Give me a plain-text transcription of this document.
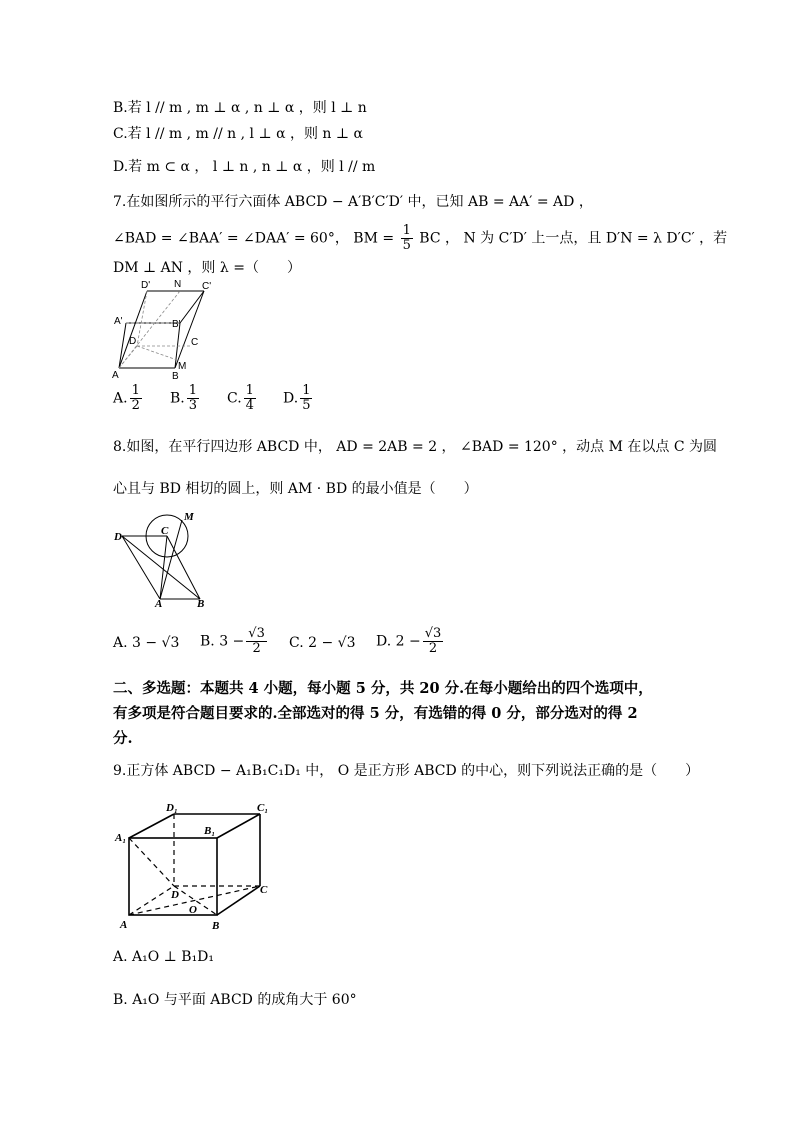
B.若 l // m , m ⊥ α , n ⊥ α ，则 l ⊥ n
C.若 l // m , m // n , l ⊥ α ，则 n ⊥ α
D.若 m ⊂ α ， l ⊥ n , n ⊥ α ，则 l // m
7.在如图所示的平行六面体 ABCD − A′B′C′D′ 中，已知 AB = AA′ = AD ，
∠BAD = ∠BAA′ = ∠DAA′ = 60°， BM = $\frac{1}{5}$ BC ， N 为 C′D′ 上一点，且 D′N = λ D′C′ ，若
DM ⊥ AN ，则 λ =（　　）
D' N C'
A'	B'
D	C
M
A	B
A. $\frac{1}{2} B$. $\frac{1}{3} C$. $\frac{1}{4} D$. $\frac{1}{5}$
8.如图，在平行四边形 ABCD 中， AD = 2AB = 2 ， ∠BAD = 120° ，动点 M 在以点 C 为圆
心且与 BD 相切的圆上，则 AM · BD 的最小值是（　　）
D	C
M
A	B
A. 3 − √3 B. $3 - \frac{√3}{2} C$. 2 − √3 D. $2 - \frac{√3}{2}$
二、多选题：本题共 4 小题，每小题 5 分，共 20 分.在每小题给出的四个选项中，
有多项是符合题目要求的.全部选对的得 5 分，有选错的得 0 分，部分选对的得 2
分.
9.正方体 ABCD − A₁B₁C₁D₁ 中， O 是正方形 ABCD 的中心，则下列说法正确的是（　　）
D₁	C₁
A₁
B₁
D	C
A
O
B
A. A₁O ⊥ B₁D₁
B. A₁O 与平面 ABCD 的成角大于 60°
